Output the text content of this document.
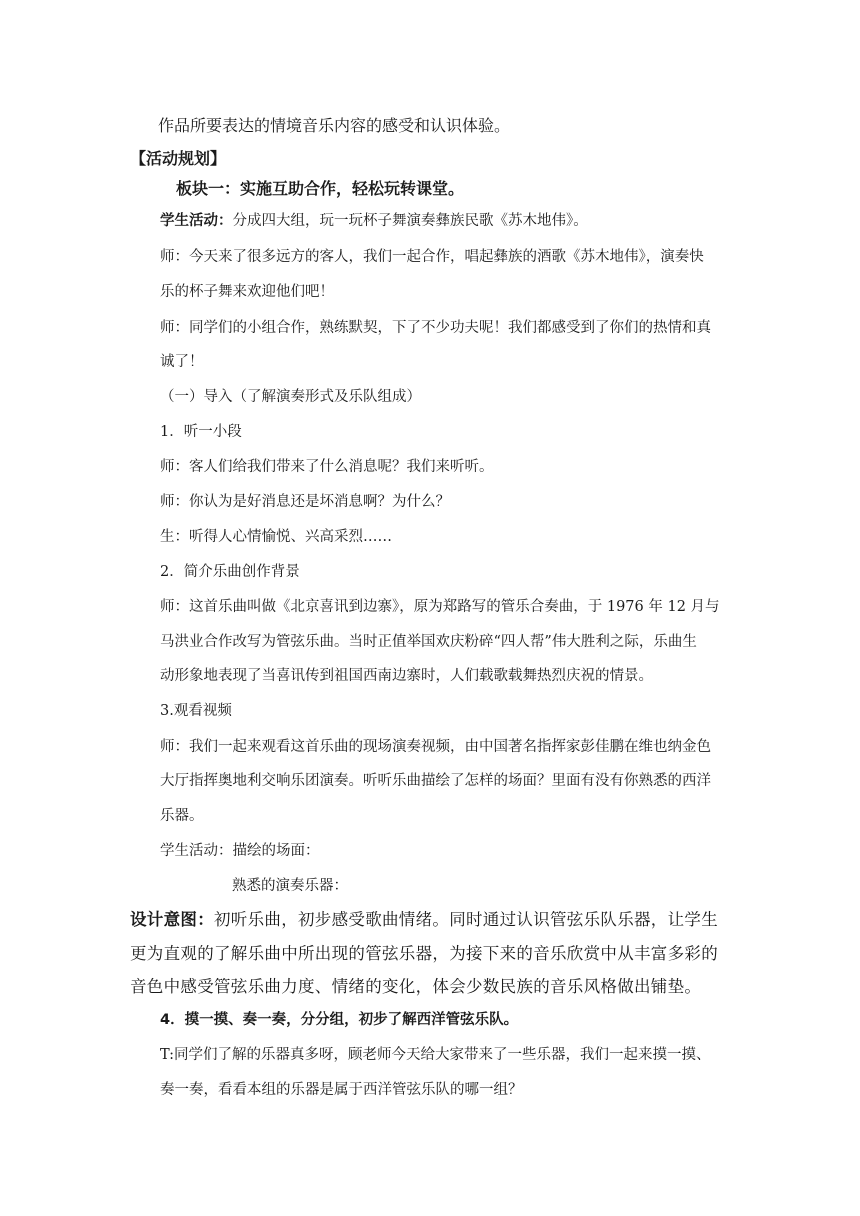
作品所要表达的情境音乐内容的感受和认识体验。
【活动规划】
板块一：实施互助合作，轻松玩转课堂。
学生活动：分成四大组，玩一玩杯子舞演奏彝族民歌《苏木地伟》。
师：今天来了很多远方的客人，我们一起合作，唱起彝族的酒歌《苏木地伟》，演奏快
乐的杯子舞来欢迎他们吧！
师：同学们的小组合作，熟练默契，下了不少功夫呢！我们都感受到了你们的热情和真
诚了！
（一）导入（了解演奏形式及乐队组成）
1．听一小段
师：客人们给我们带来了什么消息呢？我们来听听。
师：你认为是好消息还是坏消息啊？为什么？
生：听得人心情愉悦、兴高采烈……
2．简介乐曲创作背景
师：这首乐曲叫做《北京喜讯到边寨》，原为郑路写的管乐合奏曲，于 1976 年 12 月与
马洪业合作改写为管弦乐曲。当时正值举国欢庆粉碎“四人帮”伟大胜利之际，乐曲生
动形象地表现了当喜讯传到祖国西南边寨时，人们载歌载舞热烈庆祝的情景。
3.观看视频
师：我们一起来观看这首乐曲的现场演奏视频，由中国著名指挥家彭佳鹏在维也纳金色
大厅指挥奥地利交响乐团演奏。听听乐曲描绘了怎样的场面？里面有没有你熟悉的西洋
乐器。
学生活动：描绘的场面：
熟悉的演奏乐器：
设计意图：初听乐曲，初步感受歌曲情绪。同时通过认识管弦乐队乐器，让学生
更为直观的了解乐曲中所出现的管弦乐器，为接下来的音乐欣赏中从丰富多彩的
音色中感受管弦乐曲力度、情绪的变化，体会少数民族的音乐风格做出铺垫。
4．摸一摸、奏一奏，分分组，初步了解西洋管弦乐队。
T:同学们了解的乐器真多呀，顾老师今天给大家带来了一些乐器，我们一起来摸一摸、
奏一奏，看看本组的乐器是属于西洋管弦乐队的哪一组？
